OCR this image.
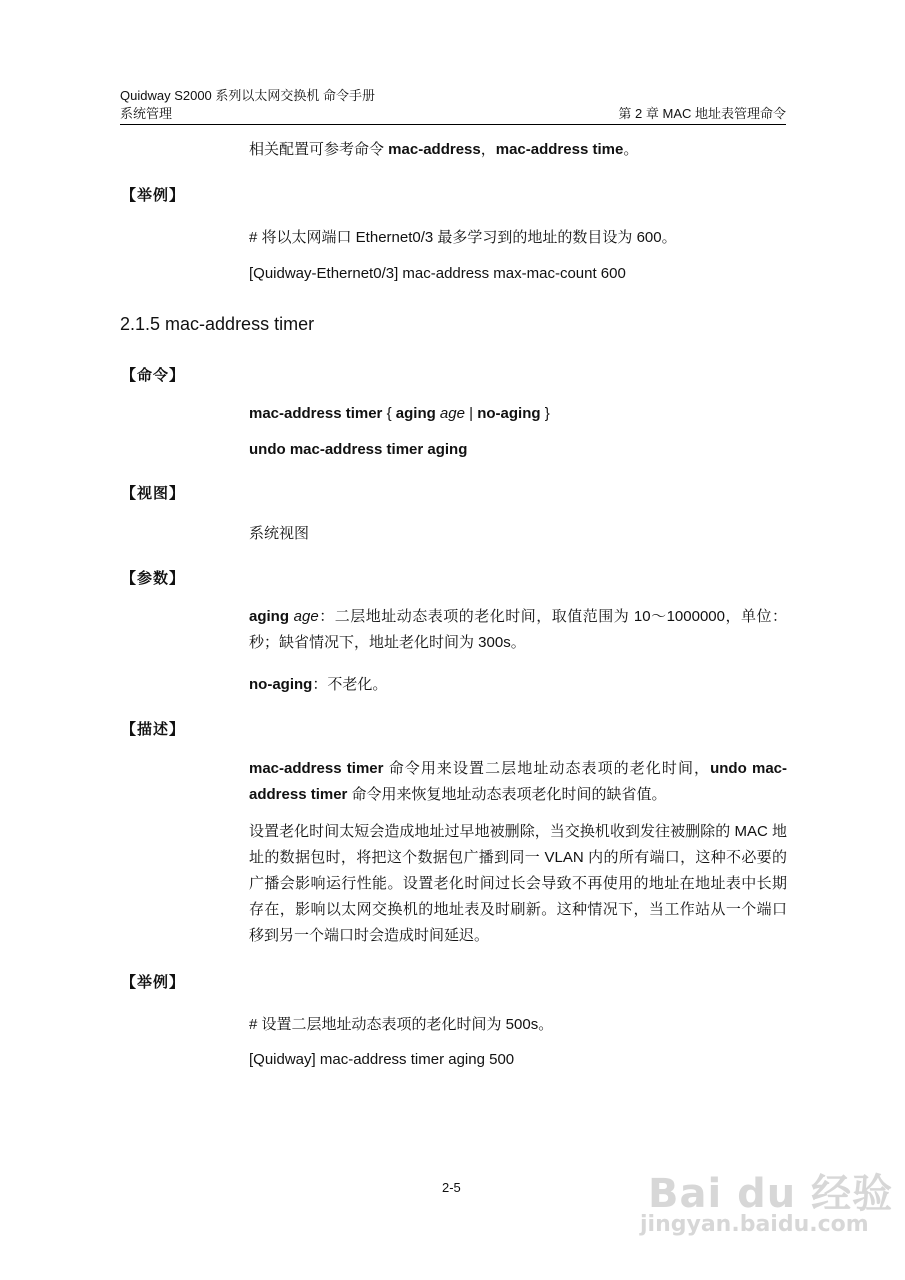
Quidway S2000 系列以太网交换机 命令手册
系统管理	第 2 章 MAC 地址表管理命令
相关配置可参考命令 mac-address，mac-address time。
【举例】
# 将以太网端口 Ethernet0/3 最多学习到的地址的数目设为 600。
[Quidway-Ethernet0/3] mac-address max-mac-count 600
2.1.5 mac-address timer
【命令】
mac-address timer { aging age | no-aging }
undo mac-address timer aging
【视图】
系统视图
【参数】
aging age：二层地址动态表项的老化时间，取值范围为 10～1000000，单位：秒；缺省情况下，地址老化时间为 300s。
no-aging：不老化。
【描述】
mac-address timer 命令用来设置二层地址动态表项的老化时间，undo mac-address timer 命令用来恢复地址动态表项老化时间的缺省值。
设置老化时间太短会造成地址过早地被删除，当交换机收到发往被删除的 MAC 地址的数据包时，将把这个数据包广播到同一 VLAN 内的所有端口，这种不必要的广播会影响运行性能。设置老化时间过长会导致不再使用的地址在地址表中长期存在，影响以太网交换机的地址表及时刷新。这种情况下，当工作站从一个端口移到另一个端口时会造成时间延迟。
【举例】
# 设置二层地址动态表项的老化时间为 500s。
[Quidway] mac-address timer aging 500
2-5	Bai du 经验
jingyan.baidu.com
